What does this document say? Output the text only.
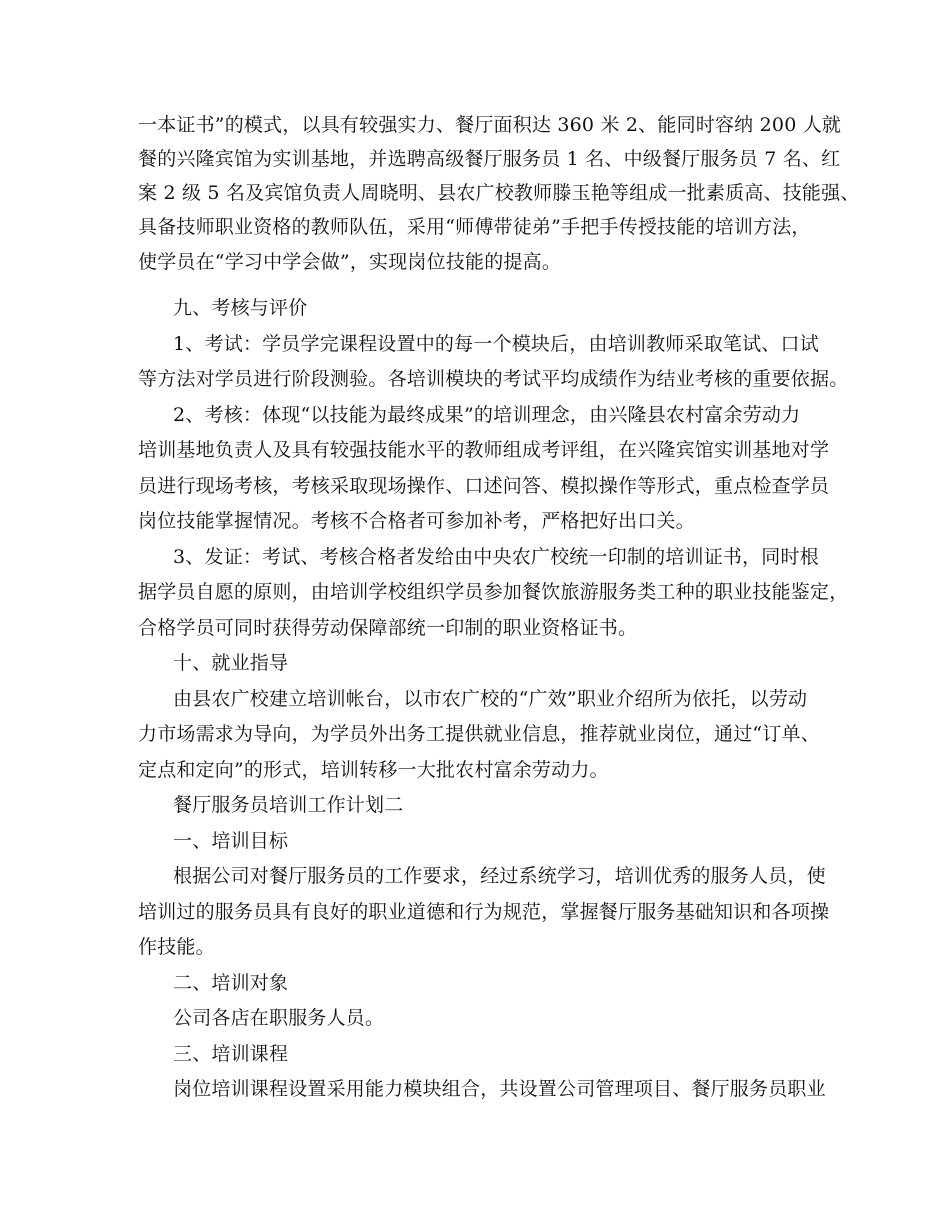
一本证书”的模式，以具有较强实力、餐厅面积达 360 米 2、能同时容纳 200 人就
餐的兴隆宾馆为实训基地，并选聘高级餐厅服务员 1 名、中级餐厅服务员 7 名、红
案 2 级 5 名及宾馆负责人周晓明、县农广校教师滕玉艳等组成一批素质高、技能强、
具备技师职业资格的教师队伍，采用“师傅带徒弟”手把手传授技能的培训方法，
使学员在“学习中学会做”，实现岗位技能的提高。
九、考核与评价
1、考试：学员学完课程设置中的每一个模块后，由培训教师采取笔试、口试
等方法对学员进行阶段测验。各培训模块的考试平均成绩作为结业考核的重要依据。
2、考核：体现“以技能为最终成果”的培训理念，由兴隆县农村富余劳动力
培训基地负责人及具有较强技能水平的教师组成考评组，在兴隆宾馆实训基地对学
员进行现场考核，考核采取现场操作、口述问答、模拟操作等形式，重点检查学员
岗位技能掌握情况。考核不合格者可参加补考，严格把好出口关。
3、发证：考试、考核合格者发给由中央农广校统一印制的培训证书，同时根
据学员自愿的原则，由培训学校组织学员参加餐饮旅游服务类工种的职业技能鉴定，
合格学员可同时获得劳动保障部统一印制的职业资格证书。
十、就业指导
由县农广校建立培训帐台，以市农广校的“广效”职业介绍所为依托，以劳动
力市场需求为导向，为学员外出务工提供就业信息，推荐就业岗位，通过“订单、
定点和定向”的形式，培训转移一大批农村富余劳动力。
餐厅服务员培训工作计划二
一、培训目标
根据公司对餐厅服务员的工作要求，经过系统学习，培训优秀的服务人员，使
培训过的服务员具有良好的职业道德和行为规范，掌握餐厅服务基础知识和各项操
作技能。
二、培训对象
公司各店在职服务人员。
三、培训课程
岗位培训课程设置采用能力模块组合，共设置公司管理项目、餐厅服务员职业
